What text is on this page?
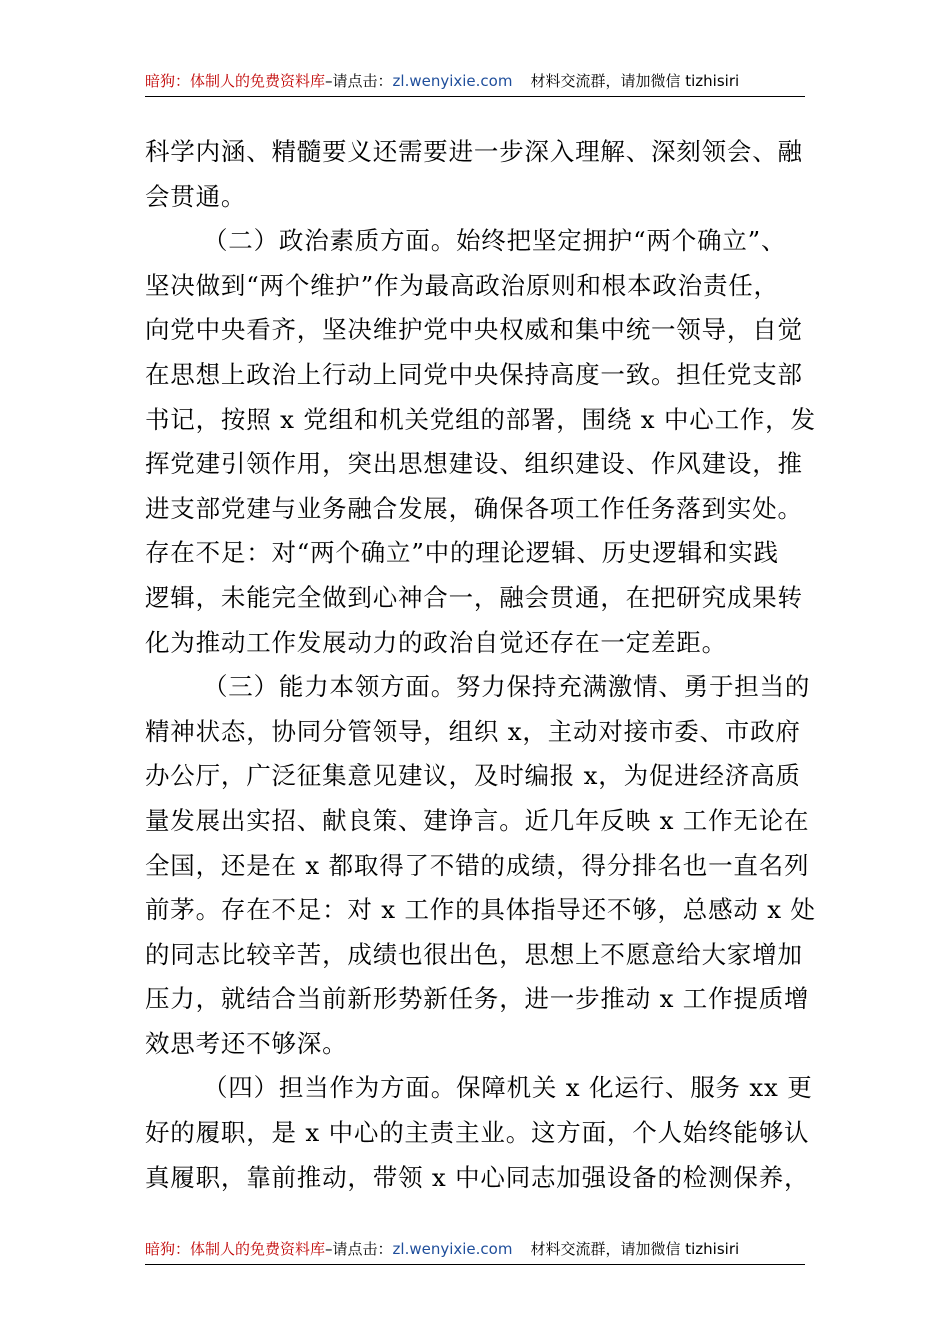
暗狗：体制人的免费资料库–请点击：zl.wenyixie.com 材料交流群，请加微信 tizhisiri
科学内涵、精髓要义还需要进一步深入理解、深刻领会、融
会贯通。
（二）政治素质方面。始终把坚定拥护“两个确立”、
坚决做到“两个维护”作为最高政治原则和根本政治责任，
向党中央看齐，坚决维护党中央权威和集中统一领导，自觉
在思想上政治上行动上同党中央保持高度一致。担任党支部
书记，按照 x 党组和机关党组的部署，围绕 x 中心工作，发
挥党建引领作用，突出思想建设、组织建设、作风建设，推
进支部党建与业务融合发展，确保各项工作任务落到实处。
存在不足：对“两个确立”中的理论逻辑、历史逻辑和实践
逻辑，未能完全做到心神合一，融会贯通，在把研究成果转
化为推动工作发展动力的政治自觉还存在一定差距。
（三）能力本领方面。努力保持充满激情、勇于担当的
精神状态，协同分管领导，组织 x，主动对接市委、市政府
办公厅，广泛征集意见建议，及时编报 x，为促进经济高质
量发展出实招、献良策、建诤言。近几年反映 x 工作无论在
全国，还是在 x 都取得了不错的成绩，得分排名也一直名列
前茅。存在不足：对 x 工作的具体指导还不够，总感动 x 处
的同志比较辛苦，成绩也很出色，思想上不愿意给大家增加
压力，就结合当前新形势新任务，进一步推动 x 工作提质增
效思考还不够深。
（四）担当作为方面。保障机关 x 化运行、服务 xx 更
好的履职，是 x 中心的主责主业。这方面，个人始终能够认
真履职，靠前推动，带领 x 中心同志加强设备的检测保养，
暗狗：体制人的免费资料库–请点击：zl.wenyixie.com 材料交流群，请加微信 tizhisiri
